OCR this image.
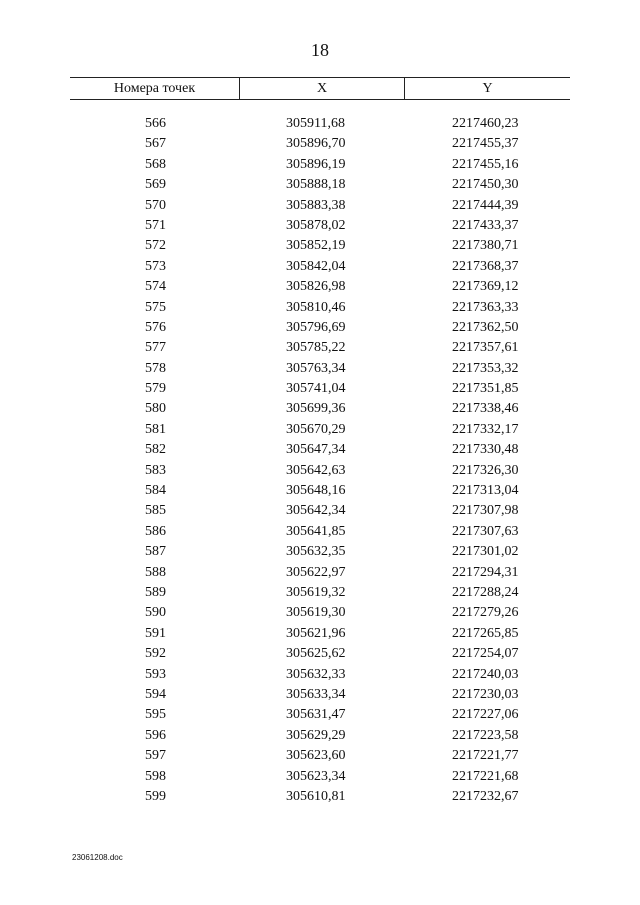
18
Номера точек	X	Y
566	305911,68	2217460,23
567	305896,70	2217455,37
568	305896,19	2217455,16
569	305888,18	2217450,30
570	305883,38	2217444,39
571	305878,02	2217433,37
572	305852,19	2217380,71
573	305842,04	2217368,37
574	305826,98	2217369,12
575	305810,46	2217363,33
576	305796,69	2217362,50
577	305785,22	2217357,61
578	305763,34	2217353,32
579	305741,04	2217351,85
580	305699,36	2217338,46
581	305670,29	2217332,17
582	305647,34	2217330,48
583	305642,63	2217326,30
584	305648,16	2217313,04
585	305642,34	2217307,98
586	305641,85	2217307,63
587	305632,35	2217301,02
588	305622,97	2217294,31
589	305619,32	2217288,24
590	305619,30	2217279,26
591	305621,96	2217265,85
592	305625,62	2217254,07
593	305632,33	2217240,03
594	305633,34	2217230,03
595	305631,47	2217227,06
596	305629,29	2217223,58
597	305623,60	2217221,77
598	305623,34	2217221,68
599	305610,81	2217232,67
23061208.doc
